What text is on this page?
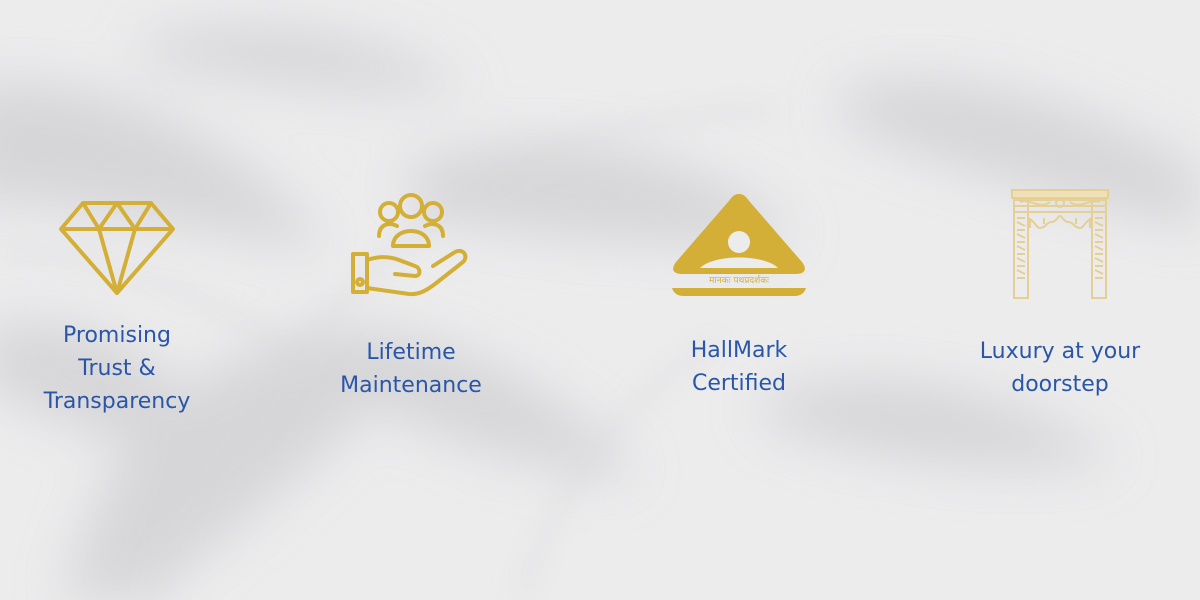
Promising
Trust &
Transparency
Lifetime
Maintenance
मानकः पथप्रदर्शकः
HallMark
Certified
Luxury at your
doorstep
